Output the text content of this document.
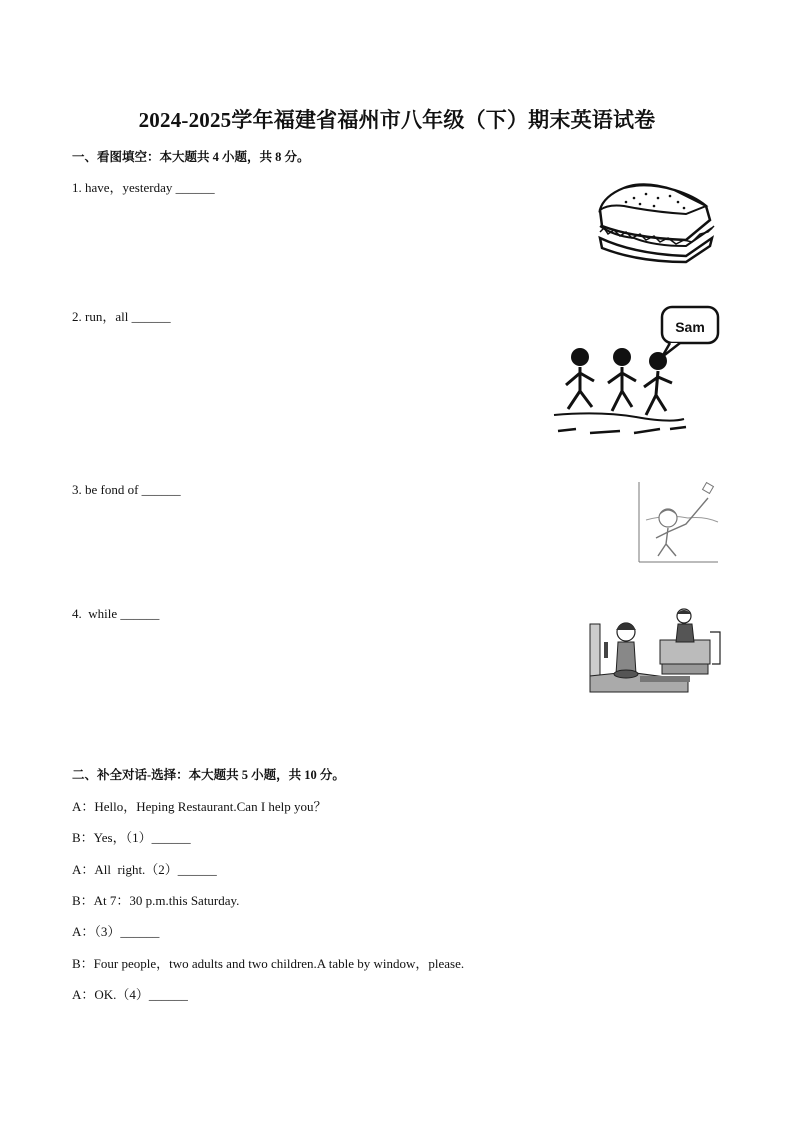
2024-2025学年福建省福州市八年级（下）期末英语试卷
一、看图填空：本大题共 4 小题，共 8 分。
1. have，yesterday ______
2. run，all ______
3. be fond of ______
4.  while ______
Sam
二、补全对话-选择：本大题共 5 小题，共 10 分。
A：Hello，Heping Restaurant.Can I help you？
B：Yes，（1）______
A：All  right.（2）______
B：At 7：30 p.m.this Saturday.
A：（3）______
B：Four people，two adults and two children.A table by window，please.
A：OK.（4）______
